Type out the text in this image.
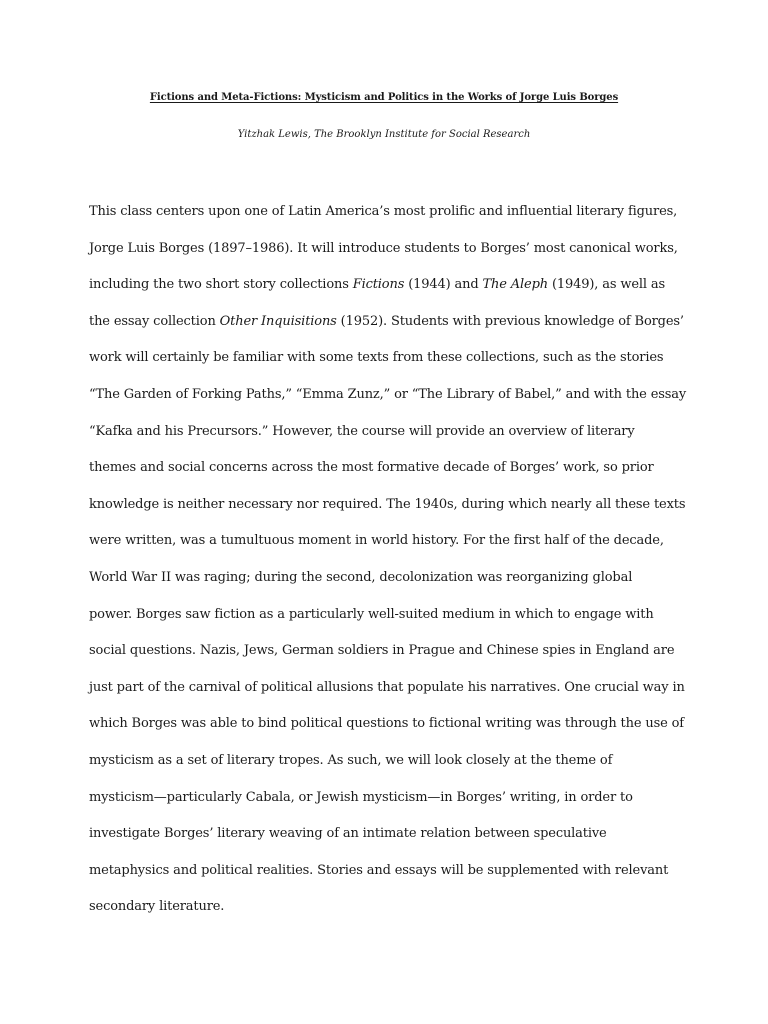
Fictions and Meta-Fictions: Mysticism and Politics in the Works of Jorge Luis Borges
Yitzhak Lewis, The Brooklyn Institute for Social Research
This class centers upon one of Latin America’s most prolific and influential literary figures,
Jorge Luis Borges (1897–1986). It will introduce students to Borges’ most canonical works,
including the two short story collections Fictions (1944) and The Aleph (1949), as well as
the essay collection Other Inquisitions (1952). Students with previous knowledge of Borges’
work will certainly be familiar with some texts from these collections, such as the stories
“The Garden of Forking Paths,” “Emma Zunz,” or “The Library of Babel,” and with the essay
“Kafka and his Precursors.” However, the course will provide an overview of literary
themes and social concerns across the most formative decade of Borges’ work, so prior
knowledge is neither necessary nor required. The 1940s, during which nearly all these texts
were written, was a tumultuous moment in world history. For the first half of the decade,
World War II was raging; during the second, decolonization was reorganizing global
power. Borges saw fiction as a particularly well-suited medium in which to engage with
social questions. Nazis, Jews, German soldiers in Prague and Chinese spies in England are
just part of the carnival of political allusions that populate his narratives. One crucial way in
which Borges was able to bind political questions to fictional writing was through the use of
mysticism as a set of literary tropes. As such, we will look closely at the theme of
mysticism—particularly Cabala, or Jewish mysticism—in Borges’ writing, in order to
investigate Borges’ literary weaving of an intimate relation between speculative
metaphysics and political realities. Stories and essays will be supplemented with relevant
secondary literature.
